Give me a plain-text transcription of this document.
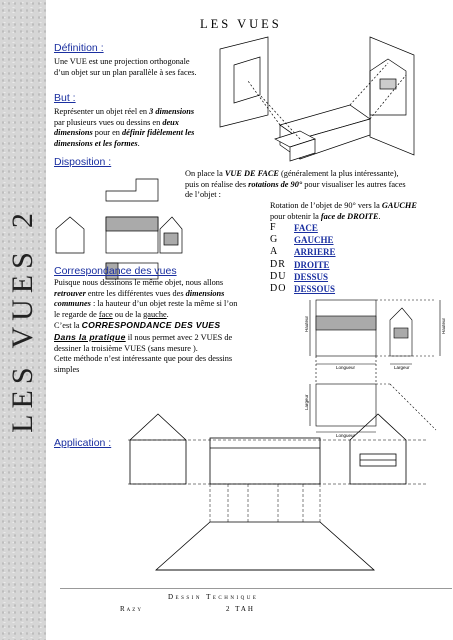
LES VUES2
LES VUES
Définition :
Une VUE est une projection orthogonale
d’un objet sur un plan parallèle à ses faces.
But :
Représenter un objet réel en 3 dimensions
par plusieurs vues ou dessins en deux
dimensions pour en définir fidèlement les
dimensions et les formes.
Disposition :
On place la VUE DE FACE (généralement la plus intéressante),
puis on réalise des rotations de 90° pour visualiser les autres faces
de l’objet :
Rotation de l’objet de 90° vers la GAUCHE
pour obtenir la face de DROITE.
F	FACE
G	GAUCHE
A	ARRIERE
DR DROITE
DU DESSUS
DO DESSOUS
Correspondance des vues
Puisque nous dessinons le même objet, nous allons
retrouver entre les différentes vues des dimensions
communes : la hauteur d’un objet reste la même si l’on
le regarde de face ou de la gauche.
C’est la CORRESPONDANCE DES VUES
Dans la pratique il nous permet avec 2 VUES de
dessiner la troisième VUES (sans mesure ).
Cette méthode n’est intéressante que pour des dessins
simples
Hauteur	Hauteur
Longueur	Largeur
Largeur
Longueur
Application :
Dessin Technique
Razy	2 TAH
